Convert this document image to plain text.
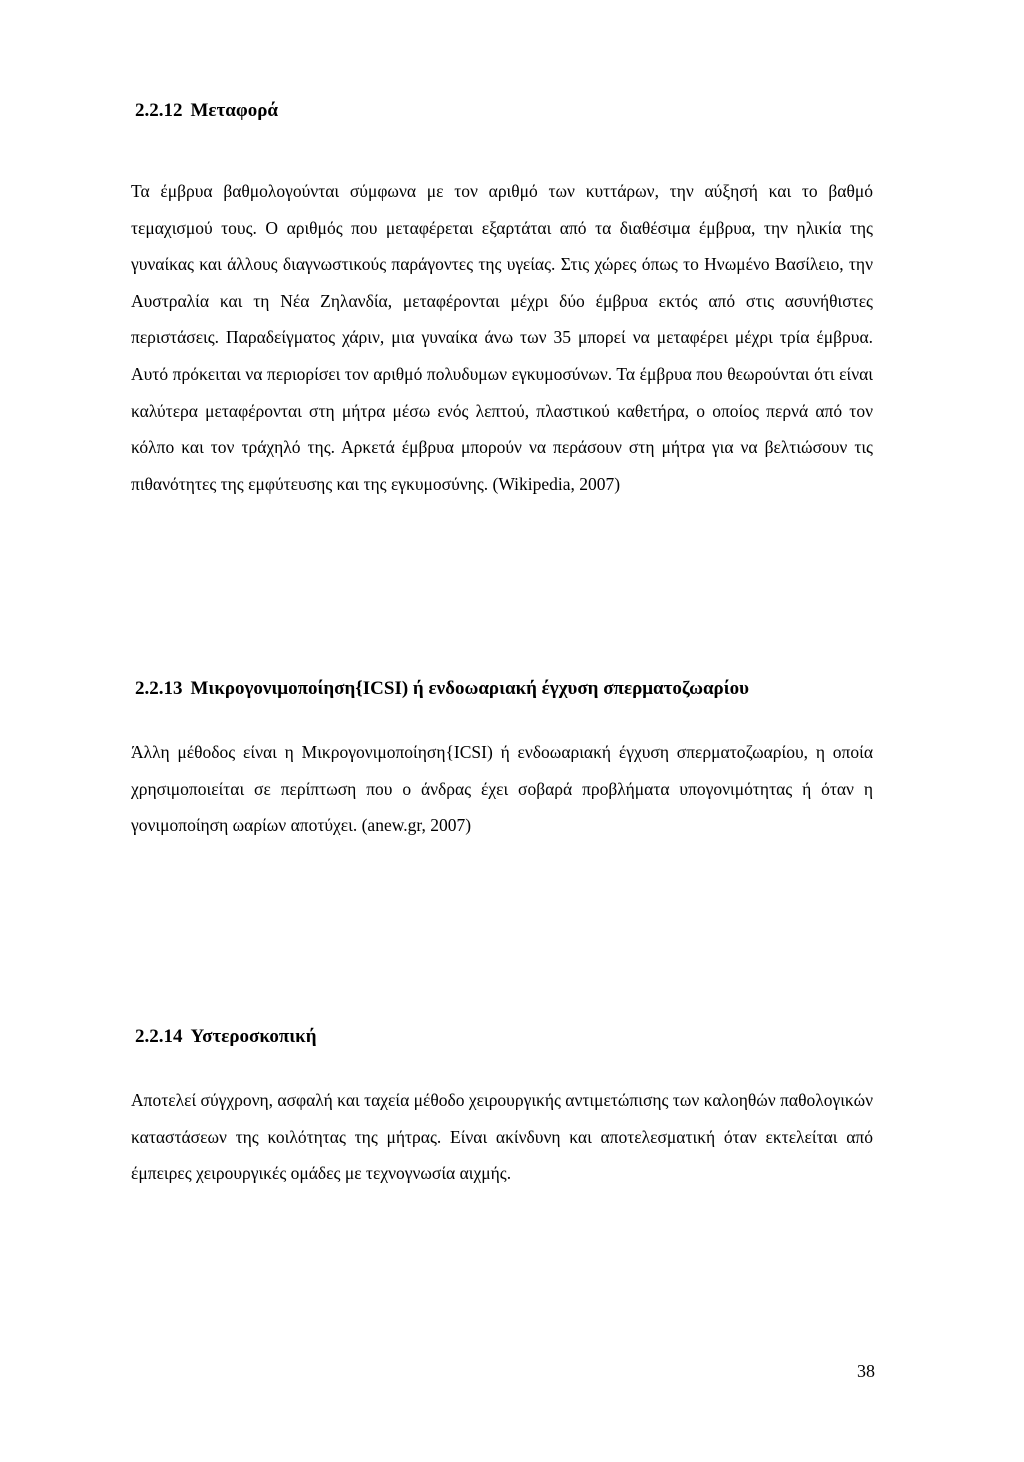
2.2.12 Μεταφορά

Τα έμβρυα βαθμολογούνται σύμφωνα με τον αριθμό των κυττάρων, την αύξησή και το βαθμό τεμαχισμού τους. Ο αριθμός που μεταφέρεται εξαρτάται από τα διαθέσιμα έμβρυα, την ηλικία της γυναίκας και άλλους διαγνωστικούς παράγοντες της υγείας. Στις χώρες όπως το Ηνωμένο Βασίλειο, την Αυστραλία και τη Νέα Ζηλανδία, μεταφέρονται μέχρι δύο έμβρυα εκτός από στις ασυνήθιστες περιστάσεις. Παραδείγματος χάριν, μια γυναίκα άνω των 35 μπορεί να μεταφέρει μέχρι τρία έμβρυα. Αυτό πρόκειται να περιορίσει τον αριθμό πολυδυμων εγκυμοσύνων. Τα έμβρυα που θεωρούνται ότι είναι καλύτερα μεταφέρονται στη μήτρα μέσω ενός λεπτού, πλαστικού καθετήρα, ο οποίος περνά από τον κόλπο και τον τράχηλό της. Αρκετά έμβρυα μπορούν να περάσουν στη μήτρα για να βελτιώσουν τις πιθανότητες της εμφύτευσης και της εγκυμοσύνης. (Wikipedia, 2007)

2.2.13 Μικρογονιμοποίηση{ICSI) ή ενδοωαριακή έγχυση σπερματοζωαρίου

Άλλη μέθοδος είναι η Μικρογονιμοποίηση{ICSI) ή ενδοωαριακή έγχυση σπερματοζωαρίου, η οποία χρησιμοποιείται σε περίπτωση που ο άνδρας έχει σοβαρά προβλήματα υπογονιμότητας ή όταν η γονιμοποίηση ωαρίων αποτύχει. (anew.gr, 2007)

2.2.14 Υστεροσκοπική

Αποτελεί σύγχρονη, ασφαλή και ταχεία μέθοδο χειρουργικής αντιμετώπισης των καλοηθών παθολογικών καταστάσεων της κοιλότητας της μήτρας. Είναι ακίνδυνη και αποτελεσματική όταν εκτελείται από έμπειρες χειρουργικές ομάδες με τεχνογνωσία αιχμής.

38
